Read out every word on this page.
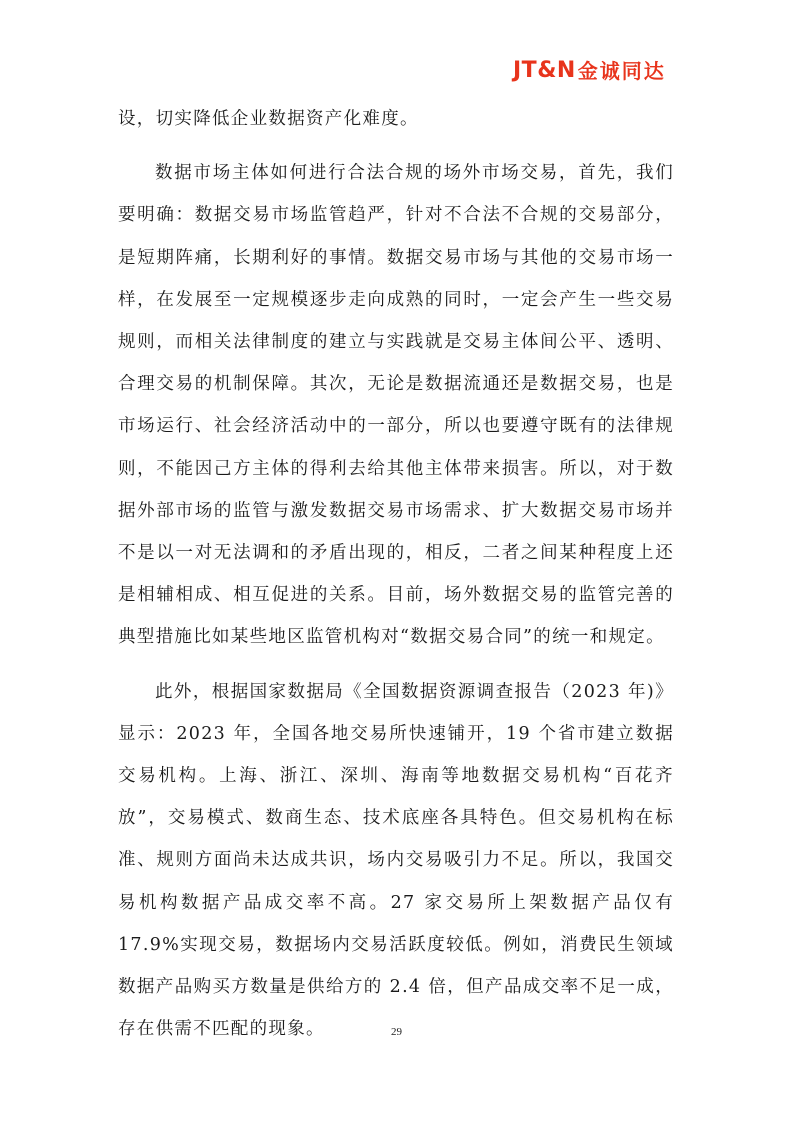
JT&N 金诚同达

设，切实降低企业数据资产化难度。

数据市场主体如何进行合法合规的场外市场交易，首先，我们要明确：数据交易市场监管趋严，针对不合法不合规的交易部分，是短期阵痛，长期利好的事情。数据交易市场与其他的交易市场一样，在发展至一定规模逐步走向成熟的同时，一定会产生一些交易规则，而相关法律制度的建立与实践就是交易主体间公平、透明、合理交易的机制保障。其次，无论是数据流通还是数据交易，也是市场运行、社会经济活动中的一部分，所以也要遵守既有的法律规则，不能因己方主体的得利去给其他主体带来损害。所以，对于数据外部市场的监管与激发数据交易市场需求、扩大数据交易市场并不是以一对无法调和的矛盾出现的，相反，二者之间某种程度上还是相辅相成、相互促进的关系。目前，场外数据交易的监管完善的典型措施比如某些地区监管机构对“数据交易合同”的统一和规定。

此外，根据国家数据局《全国数据资源调查报告（2023 年)》显示：2023 年，全国各地交易所快速铺开，19 个省市建立数据交易机构。上海、浙江、深圳、海南等地数据交易机构“百花齐放”，交易模式、数商生态、技术底座各具特色。但交易机构在标准、规则方面尚未达成共识，场内交易吸引力不足。所以，我国交易机构数据产品成交率不高。27 家交易所上架数据产品仅有 17.9%实现交易，数据场内交易活跃度较低。例如，消费民生领域数据产品购买方数量是供给方的 2.4 倍，但产品成交率不足一成，存在供需不匹配的现象。	29
